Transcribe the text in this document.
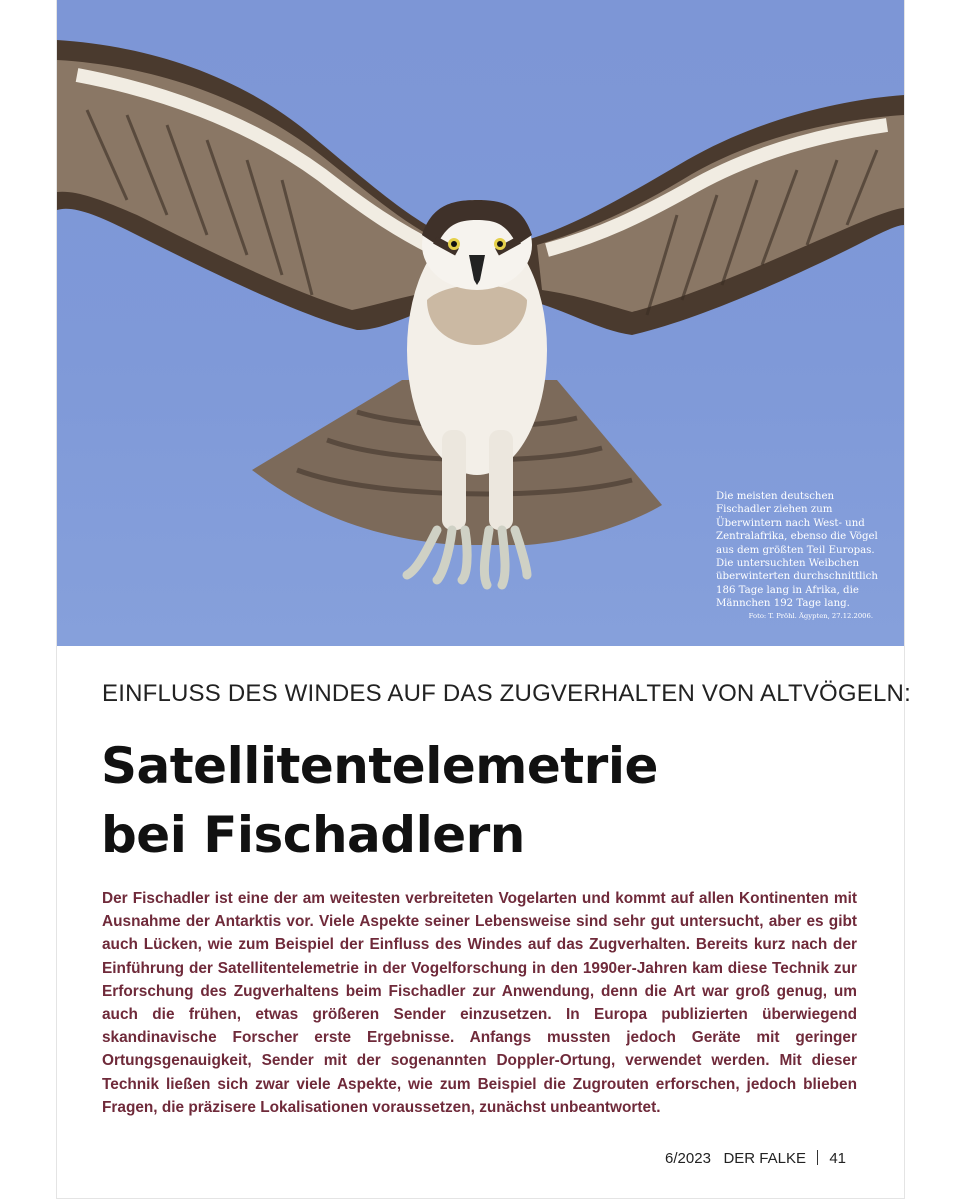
Die meisten deutschen Fischadler ziehen zum Überwintern nach West- und Zentralafrika, ebenso die Vögel aus dem größten Teil Europas. Die untersuchten Weibchen überwinterten durchschnittlich 186 Tage lang in Afrika, die Männchen 192 Tage lang.
Foto: T. Pröhl. Ägypten, 27.12.2006.
EINFLUSS DES WINDES AUF DAS ZUGVERHALTEN VON ALTVÖGELN:
Satellitentelemetrie
bei Fischadlern
Der Fischadler ist eine der am weitesten verbreiteten Vogelarten und kommt auf allen Kontinenten mit Ausnahme der Antarktis vor. Viele Aspekte seiner Lebensweise sind sehr gut untersucht, aber es gibt auch Lücken, wie zum Beispiel der Einfluss des Windes auf das Zugverhalten. Bereits kurz nach der Einführung der Satellitentelemetrie in der Vogelforschung in den 1990er-Jahren kam diese Technik zur Erforschung des Zugverhaltens beim Fischadler zur Anwendung, denn die Art war groß genug, um auch die frühen, etwas größeren Sender einzusetzen. In Europa publizierten überwiegend skandinavische Forscher erste Ergebnisse. Anfangs mussten jedoch Geräte mit geringer Ortungsgenauigkeit, Sender mit der sogenannten Doppler-Ortung, verwendet werden. Mit dieser Technik ließen sich zwar viele Aspekte, wie zum Beispiel die Zugrouten erforschen, jedoch blieben Fragen, die präzisere Lokalisationen voraussetzen, zunächst unbeantwortet.
6/2023 DER FALKE 41
